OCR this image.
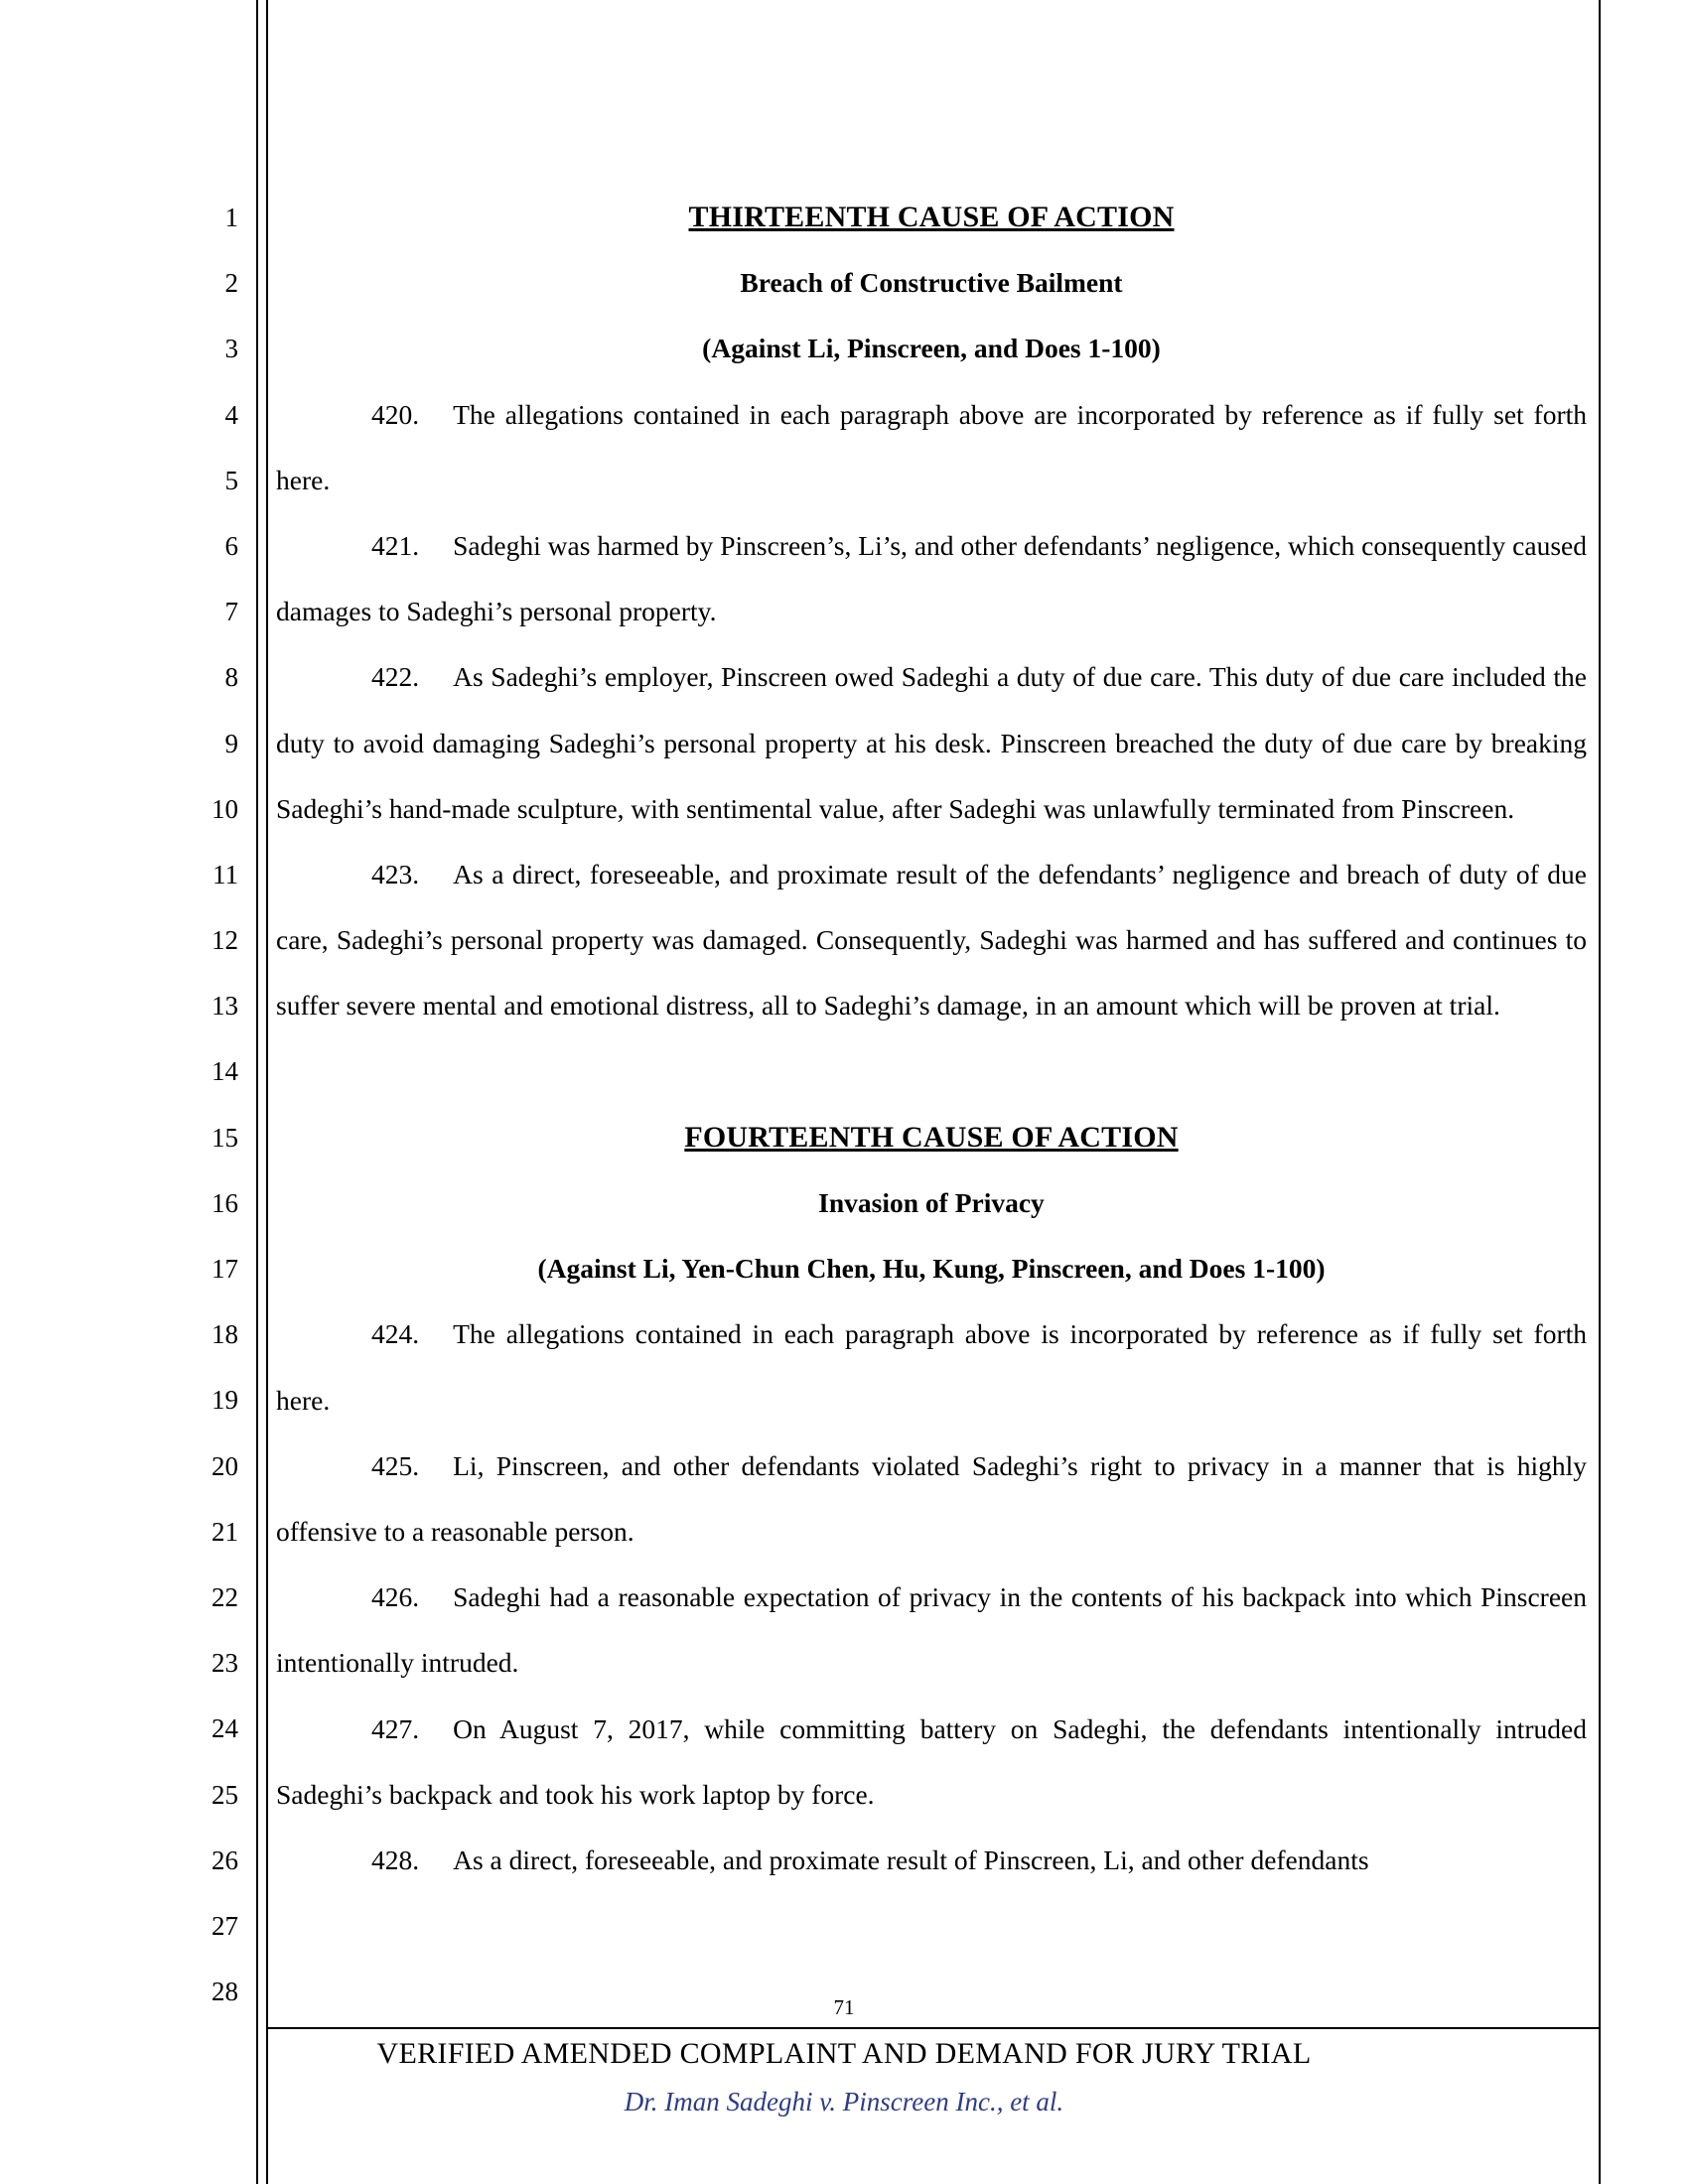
1
2
3
4
5
6
7
8
9
10
11
12
13
14
15
16
17
18
19
20
21
22
23
24
25
26
27
28
THIRTEENTH CAUSE OF ACTION
Breach of Constructive Bailment
(Against Li, Pinscreen, and Does 1-100)
420. The allegations contained in each paragraph above are incorporated by reference as if fully set forth here.
421. Sadeghi was harmed by Pinscreen’s, Li’s, and other defendants’ negligence, which consequently caused damages to Sadeghi’s personal property.
422. As Sadeghi’s employer, Pinscreen owed Sadeghi a duty of due care. This duty of due care included the duty to avoid damaging Sadeghi’s personal property at his desk. Pinscreen breached the duty of due care by breaking Sadeghi’s hand-made sculpture, with sentimental value, after Sadeghi was unlawfully terminated from Pinscreen.
423. As a direct, foreseeable, and proximate result of the defendants’ negligence and breach of duty of due care, Sadeghi’s personal property was damaged. Consequently, Sadeghi was harmed and has suffered and continues to suffer severe mental and emotional distress, all to Sadeghi’s damage, in an amount which will be proven at trial.
FOURTEENTH CAUSE OF ACTION
Invasion of Privacy
(Against Li, Yen-Chun Chen, Hu, Kung, Pinscreen, and Does 1-100)
424. The allegations contained in each paragraph above is incorporated by reference as if fully set forth here.
425. Li, Pinscreen, and other defendants violated Sadeghi’s right to privacy in a manner that is highly offensive to a reasonable person.
426. Sadeghi had a reasonable expectation of privacy in the contents of his backpack into which Pinscreen intentionally intruded.
427. On August 7, 2017, while committing battery on Sadeghi, the defendants intentionally intruded Sadeghi’s backpack and took his work laptop by force.
428. As a direct, foreseeable, and proximate result of Pinscreen, Li, and other defendants
71
VERIFIED AMENDED COMPLAINT AND DEMAND FOR JURY TRIAL
Dr. Iman Sadeghi v. Pinscreen Inc., et al.
